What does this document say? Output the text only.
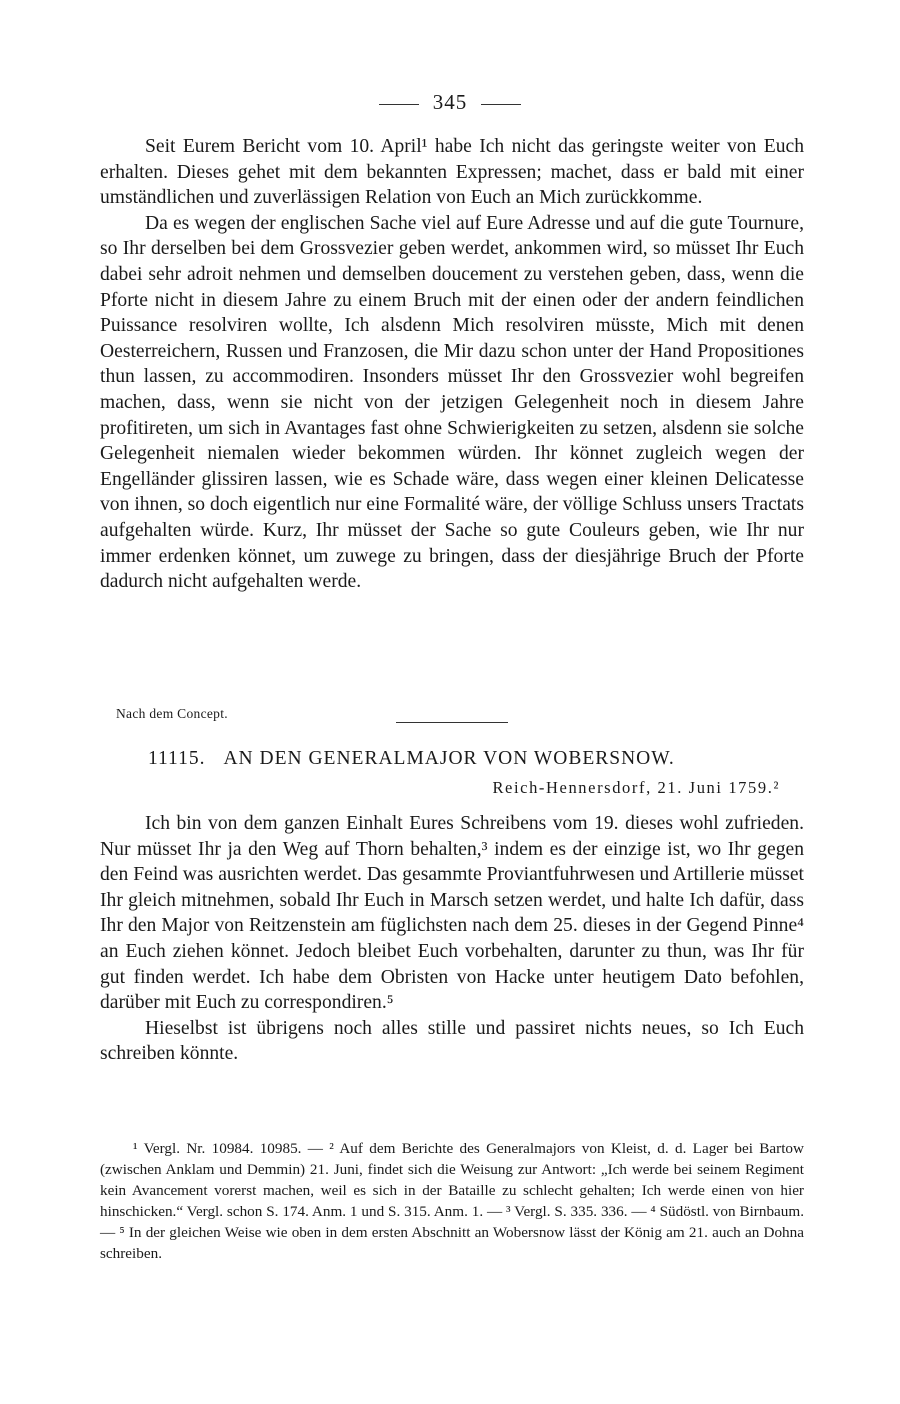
345

Seit Eurem Bericht vom 10. April¹ habe Ich nicht das geringste weiter von Euch erhalten. Dieses gehet mit dem bekannten Expressen; machet, dass er bald mit einer umständlichen und zuverlässigen Relation von Euch an Mich zurückkomme.

Da es wegen der englischen Sache viel auf Eure Adresse und auf die gute Tournure, so Ihr derselben bei dem Grossvezier geben werdet, ankommen wird, so müsset Ihr Euch dabei sehr adroit nehmen und demselben doucement zu verstehen geben, dass, wenn die Pforte nicht in diesem Jahre zu einem Bruch mit der einen oder der andern feindlichen Puissance resolviren wollte, Ich alsdenn Mich resolviren müsste, Mich mit denen Oesterreichern, Russen und Franzosen, die Mir dazu schon unter der Hand Propositiones thun lassen, zu accommodiren. Insonders müsset Ihr den Grossvezier wohl begreifen machen, dass, wenn sie nicht von der jetzigen Gelegenheit noch in diesem Jahre profitireten, um sich in Avantages fast ohne Schwierigkeiten zu setzen, alsdenn sie solche Gelegenheit niemalen wieder bekommen würden. Ihr könnet zugleich wegen der Engelländer glissiren lassen, wie es Schade wäre, dass wegen einer kleinen Delicatesse von ihnen, so doch eigentlich nur eine Formalité wäre, der völlige Schluss unsers Tractats aufgehalten würde. Kurz, Ihr müsset der Sache so gute Couleurs geben, wie Ihr nur immer erdenken könnet, um zuwege zu bringen, dass der diesjährige Bruch der Pforte dadurch nicht aufgehalten werde.

Nach dem Concept.
11115. AN DEN GENERALMAJOR VON WOBERSNOW.
Reich-Hennersdorf, 21. Juni 1759.²

Ich bin von dem ganzen Einhalt Eures Schreibens vom 19. dieses wohl zufrieden. Nur müsset Ihr ja den Weg auf Thorn behalten,³ indem es der einzige ist, wo Ihr gegen den Feind was ausrichten werdet. Das gesammte Proviantfuhrwesen und Artillerie müsset Ihr gleich mitnehmen, sobald Ihr Euch in Marsch setzen werdet, und halte Ich dafür, dass Ihr den Major von Reitzenstein am füglichsten nach dem 25. dieses in der Gegend Pinne⁴ an Euch ziehen könnet. Jedoch bleibet Euch vorbehalten, darunter zu thun, was Ihr für gut finden werdet. Ich habe dem Obristen von Hacke unter heutigem Dato befohlen, darüber mit Euch zu correspondiren.⁵

Hieselbst ist übrigens noch alles stille und passiret nichts neues, so Ich Euch schreiben könnte.

¹ Vergl. Nr. 10984. 10985. — ² Auf dem Berichte des Generalmajors von Kleist, d. d. Lager bei Bartow (zwischen Anklam und Demmin) 21. Juni, findet sich die Weisung zur Antwort: „Ich werde bei seinem Regiment kein Avancement vorerst machen, weil es sich in der Bataille zu schlecht gehalten; Ich werde einen von hier hinschicken.“ Vergl. schon S. 174. Anm. 1 und S. 315. Anm. 1. — ³ Vergl. S. 335. 336. — ⁴ Südöstl. von Birnbaum. — ⁵ In der gleichen Weise wie oben in dem ersten Abschnitt an Wobersnow lässt der König am 21. auch an Dohna schreiben.
